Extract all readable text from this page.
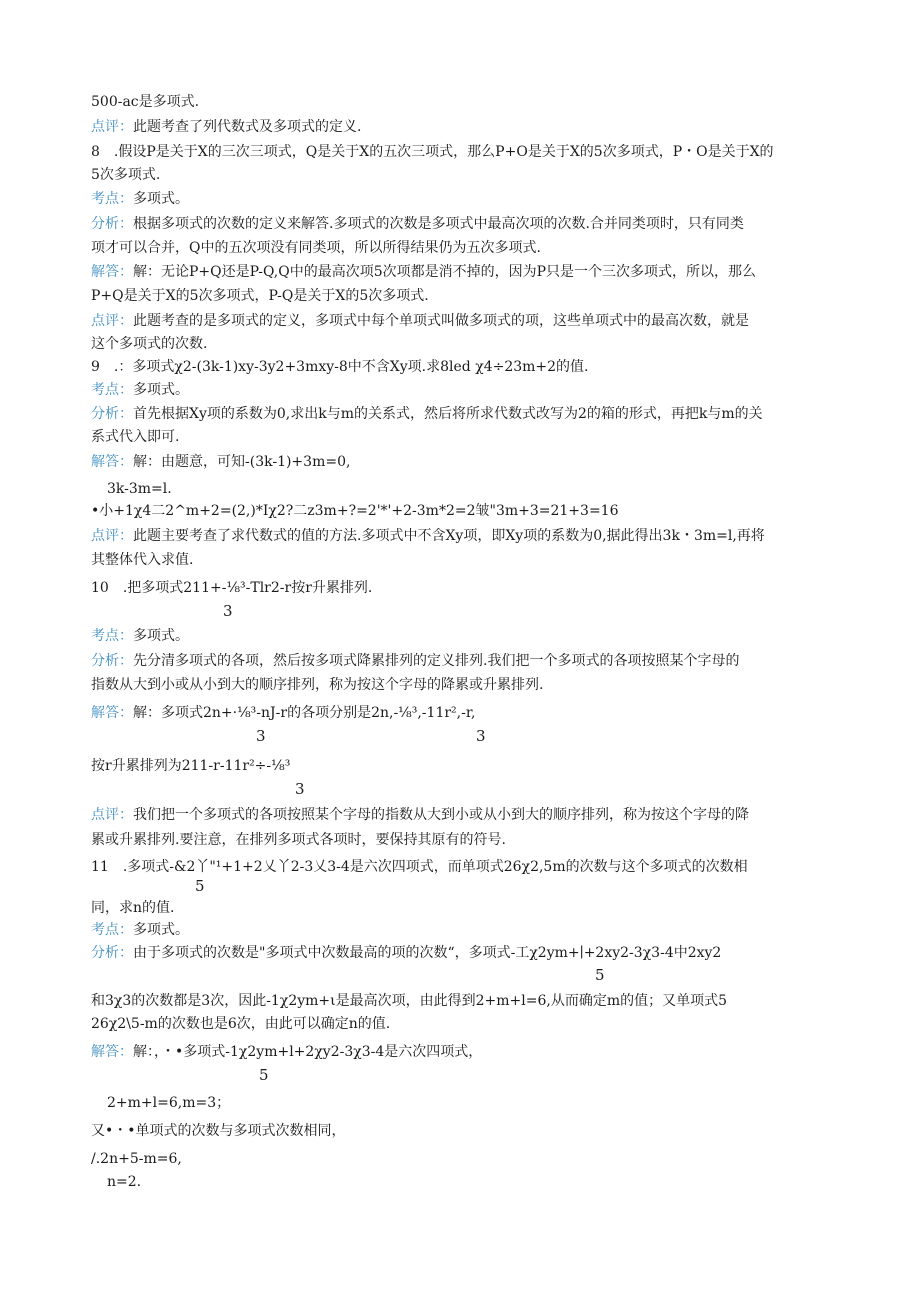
500-ac是多项式.
点评：此题考查了列代数式及多项式的定义.
8　.假设P是关于X的三次三项式，Q是关于X的五次三项式，那么P+O是关于X的5次多项式，P・O是关于X的
5次多项式.
考点：多项式。
分析：根据多项式的次数的定义来解答.多项式的次数是多项式中最高次项的次数.合并同类项时，只有同类
项才可以合并，Q中的五次项没有同类项，所以所得结果仍为五次多项式.
解答：解：无论P+Q还是P-Q,Q中的最高次项5次项都是消不掉的，因为P只是一个三次多项式，所以，那么
P+Q是关于X的5次多项式，P-Q是关于X的5次多项式.
点评：此题考查的是多项式的定义，多项式中每个单项式叫做多项式的项，这些单项式中的最高次数，就是
这个多项式的次数.
9　.：多项式χ2-(3k-1)xy-3y2+3mxy-8中不含Xy项.求8led χ4÷23m+2的值.
考点：多项式。
分析：首先根据Xy项的系数为0,求出k与m的关系式，然后将所求代数式改写为2的箱的形式，再把k与m的关
系式代入即可.
解答：解：由题意，可知-(3k-1)+3m=0,
3k-3m=l.
•小+1χ4二2^m+2=(2,)*Iχ2?二z3m+?=2'*'+2-3m*2=2皱"3m+3=21+3=16
点评：此题主要考查了求代数式的值的方法.多项式中不含Xy项，即Xy项的系数为0,据此得出3k・3m=l,再将
其整体代入求值.
10　.把多项式211+-⅛³-Tlr2-r按r升累排列.
3
考点：多项式。
分析：先分清多项式的各项，然后按多项式降累排列的定义排列.我们把一个多项式的各项按照某个字母的
指数从大到小或从小到大的顺序排列，称为按这个字母的降累或升累排列.
解答：解：多项式2n+·⅛³-nJ-r的各项分别是2n,-⅛³,-11r²,-r,
3	3
按r升累排列为211-r-11r²÷-⅛³
3
点评：我们把一个多项式的各项按照某个字母的指数从大到小或从小到大的顺序排列，称为按这个字母的降
累或升累排列.要注意，在排列多项式各项时，要保持其原有的符号.
11　.多项式-&2丫"¹+1+2乂丫2-3乂3-4是六次四项式，而单项式26χ2,5m的次数与这个多项式的次数相
5
同，求n的值.
考点：多项式。
分析：由于多项式的次数是"多项式中次数最高的项的次数“，多项式-工χ2ym+∣+2xy2-3χ3-4中2xy2
5
和3χ3的次数都是3次，因此-1χ2ym+ι是最高次项，由此得到2+m+l=6,从而确定m的值；又单项式5
26χ2\5-m的次数也是6次，由此可以确定n的值.
解答：解：，・•多项式-1χ2ym+l+2χy2-3χ3-4是六次四项式，
5
2+m+l=6,m=3；
又•・•单项式的次数与多项式次数相同，
/.2n+5-m=6,
n=2.
